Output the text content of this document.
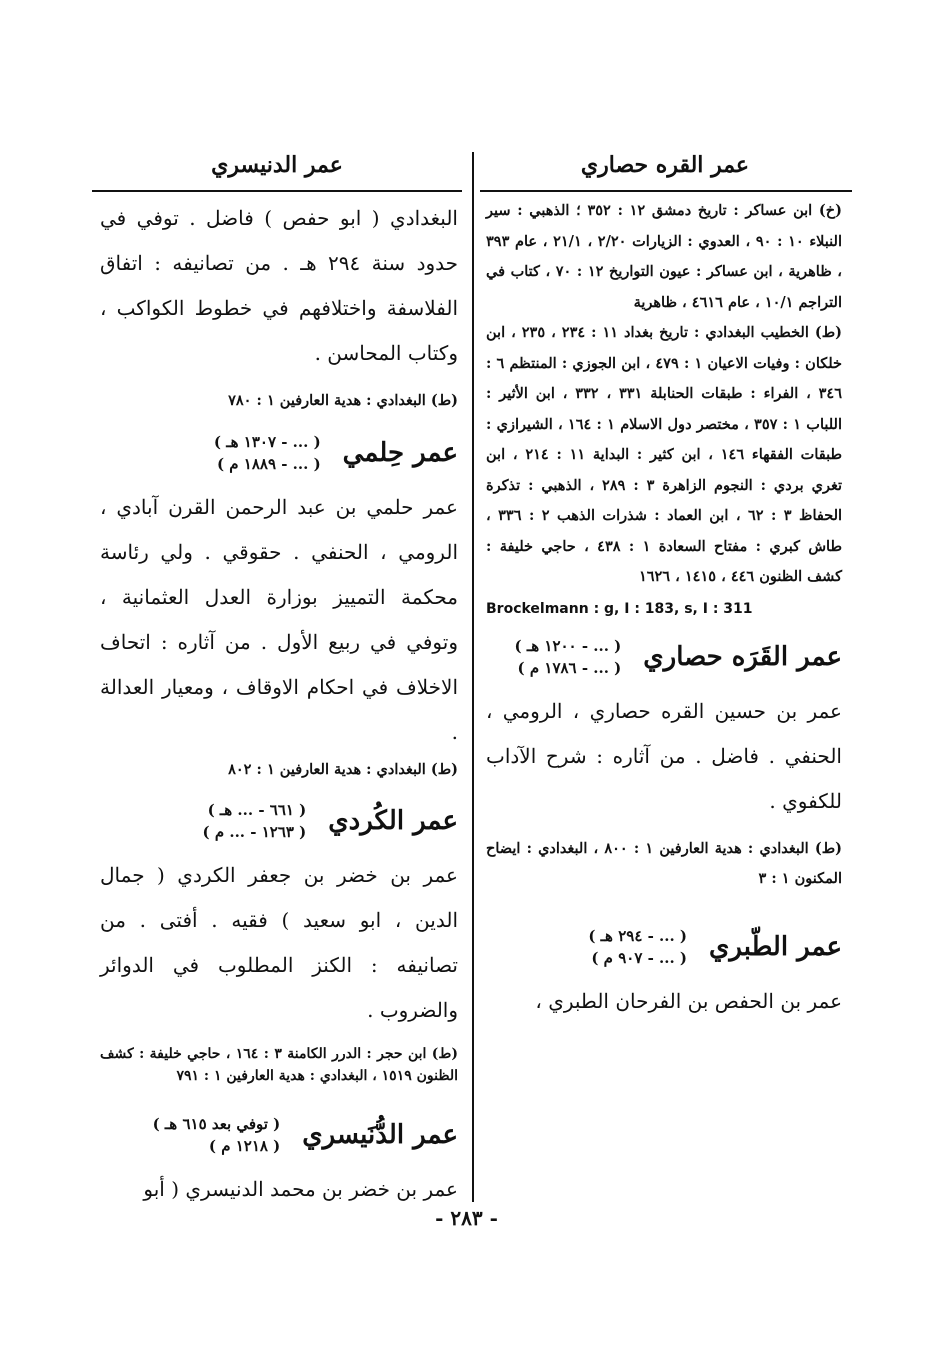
عمر القره حصاري
عمر الدنيسري
(خ) ابن عساكر : تاريخ دمشق ١٢ : ٣٥٢ ؛ الذهبي : سير النبلاء ١٠ : ٩٠ ، العدوي : الزيارات ٢/٢٠ ، ٢١/١ ، عام ٣٩٣ ، ظاهرية ، ابن عساكر : عيون التواريخ ١٢ : ٧٠ ، كتاب في التراجم ١٠/١ ، عام ٤٦١٦ ، ظاهرية
(ط) الخطيب البغدادي : تاريخ بغداد ١١ : ٢٣٤ ، ٢٣٥ ، ابن خلكان : وفيات الاعيان ١ : ٤٧٩ ، ابن الجوزي : المنتظم ٦ : ٣٤٦ ، الفراء : طبقات الحنابلة ٣٣١ ، ٣٣٢ ، ابن الأثير : اللباب ١ : ٣٥٧ ، مختصر دول الاسلام ١ : ١٦٤ ، الشيرازي : طبقات الفقهاء ١٤٦ ، ابن كثير : البداية ١١ : ٢١٤ ، ابن تغري بردي : النجوم الزاهرة ٣ : ٢٨٩ ، الذهبي : تذكرة الحفاظ ٣ : ٦٢ ، ابن العماد : شذرات الذهب ٢ : ٣٣٦ ، طاش كبري : مفتاح السعادة ١ : ٤٣٨ ، حاجي خليفة : كشف الظنون ٤٤٦ ، ١٤١٥ ، ١٦٢٦
Brockelmann : g, I : 183, s, I : 311
عمر القَرَه حصاري
( ... - ١٢٠٠ هـ )
( ... - ١٧٨٦ م )
عمر بن حسين القره حصاري ، الرومي ، الحنفي . فاضل . من آثاره : شرح الآداب للكفوي .
(ط) البغدادي : هدية العارفين ١ : ٨٠٠ ، البغدادي : ايضاح المكنون ١ : ٣
عمر الطّبري
( ... - ٢٩٤ هـ )
( ... - ٩٠٧ م )
عمر بن الحفص بن الفرحان الطبري ،
البغدادي ( ابو حفص ) فاضل . توفي في حدود سنة ٢٩٤ هـ . من تصانيفه : اتفاق الفلاسفة واختلافهم في خطوط الكواكب ، وكتاب المحاسن .
(ط) البغدادي : هدية العارفين ١ : ٧٨٠
عمر حِلمي
( ... - ١٣٠٧ هـ )
( ... - ١٨٨٩ م )
عمر حلمي بن عبد الرحمن القرن آبادي ، الرومي ، الحنفي . حقوقي . ولي رئاسة محكمة التمييز بوزارة العدل العثمانية ، وتوفي في ربيع الأول . من آثاره : اتحاف الاخلاف في احكام الاوقاف ، ومعيار العدالة .
(ط) البغدادي : هدية العارفين ١ : ٨٠٢
عمر الكُردي
( ٦٦١ - ... هـ )
( ١٢٦٣ - ... م )
عمر بن خضر بن جعفر الكردي ( جمال الدين ، ابو سعيد ) فقيه . أفتى . من تصانيفه : الكنز المطلوب في الدوائر والضروب .
(ط) ابن حجر : الدرر الكامنة ٣ : ١٦٤ ، حاجي خليفة : كشف الظنون ١٥١٩ ، البغدادي : هدية العارفين ١ : ٧٩١
عمر الدُّنَيسري
( توفي بعد ٦١٥ هـ )
( ١٢١٨ م )
عمر بن خضر بن محمد الدنيسري ( أبو
- ٢٨٣ -
